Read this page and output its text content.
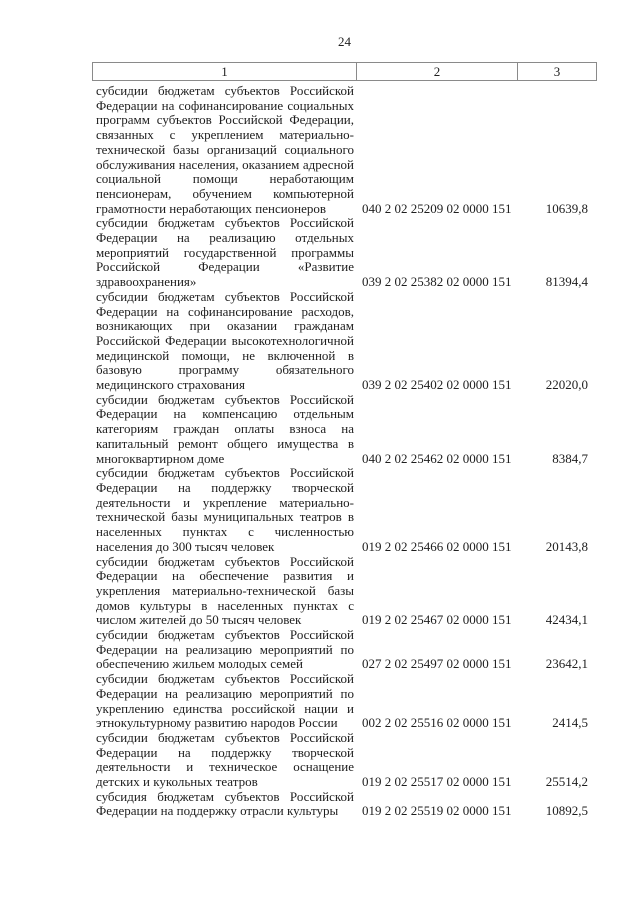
24
1	2	3
субсидии бюджетам субъектов Российской Федерации на софинансирование социальных программ субъектов Российской Федерации, связанных с укреплением материально-технической базы организаций социального обслуживания населения, оказанием адресной социальной помощи неработающим пенсионерам, обучением компьютерной грамотности неработающих пенсионеров	040 2 02 25209 02 0000 151	10639,8
субсидии бюджетам субъектов Российской Федерации на реализацию отдельных мероприятий государственной программы Российской Федерации «Развитие здравоохранения»	039 2 02 25382 02 0000 151	81394,4
субсидии бюджетам субъектов Российской Федерации на софинансирование расходов, возникающих при оказании гражданам Российской Федерации высокотехнологичной медицинской помощи, не включенной в базовую программу обязательного медицинского страхования	039 2 02 25402 02 0000 151	22020,0
субсидии бюджетам субъектов Российской Федерации на компенсацию отдельным категориям граждан оплаты взноса на капитальный ремонт общего имущества в многоквартирном доме	040 2 02 25462 02 0000 151	8384,7
субсидии бюджетам субъектов Российской Федерации на поддержку творческой деятельности и укрепление материально-технической базы муниципальных театров в населенных пунктах с численностью населения до 300 тысяч человек	019 2 02 25466 02 0000 151	20143,8
субсидии бюджетам субъектов Российской Федерации на обеспечение развития и укрепления материально-технической базы домов культуры в населенных пунктах с числом жителей до 50 тысяч человек	019 2 02 25467 02 0000 151	42434,1
субсидии бюджетам субъектов Российской Федерации на реализацию мероприятий по обеспечению жильем молодых семей	027 2 02 25497 02 0000 151	23642,1
субсидии бюджетам субъектов Российской Федерации на реализацию мероприятий по укреплению единства российской нации и этнокультурному развитию народов России	002 2 02 25516 02 0000 151	2414,5
субсидии бюджетам субъектов Российской Федерации на поддержку творческой деятельности и техническое оснащение детских и кукольных театров	019 2 02 25517 02 0000 151	25514,2
субсидия бюджетам субъектов Российской Федерации на поддержку отрасли культуры	019 2 02 25519 02 0000 151	10892,5
